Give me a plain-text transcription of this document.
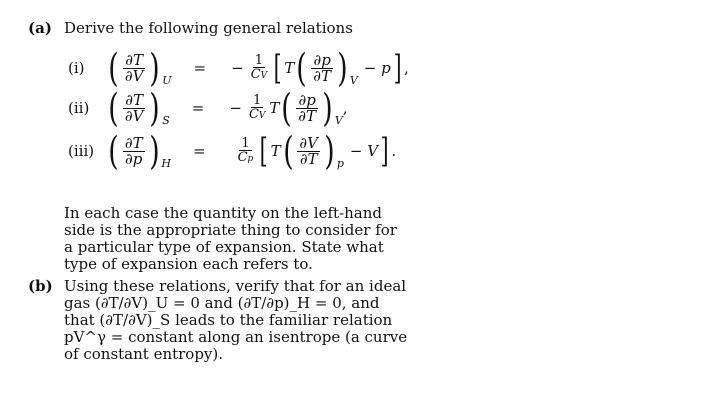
(a) Derive the following general relations
(i) ( $\frac{\partial T}{\partial V}$ ) U
= − $\frac{1}{CV}$ [ T ( $\frac{\partial p}{\partial T}$ ) V
− p ] ,
(ii) ( $\frac{\partial T}{\partial V}$ ) S
= − $\frac{1}{CV}$ T ( $\frac{\partial p}{\partial T}$ ) V
,
(iii) ( $\frac{\partial T}{\partial p}$ ) H
= $\frac{1}{Cp}$ [ T ( $\frac{\partial V}{\partial T}$ ) p
− V ] .
In each case the quantity on the left-hand
side is the appropriate thing to consider for
a particular type of expansion. State what
type of expansion each refers to.
(b) Using these relations, verify that for an ideal
gas (∂T/∂V)_U = 0 and (∂T/∂p)_H = 0, and
that (∂T/∂V)_S leads to the familiar relation
pV^γ = constant along an isentrope (a curve
of constant entropy).
